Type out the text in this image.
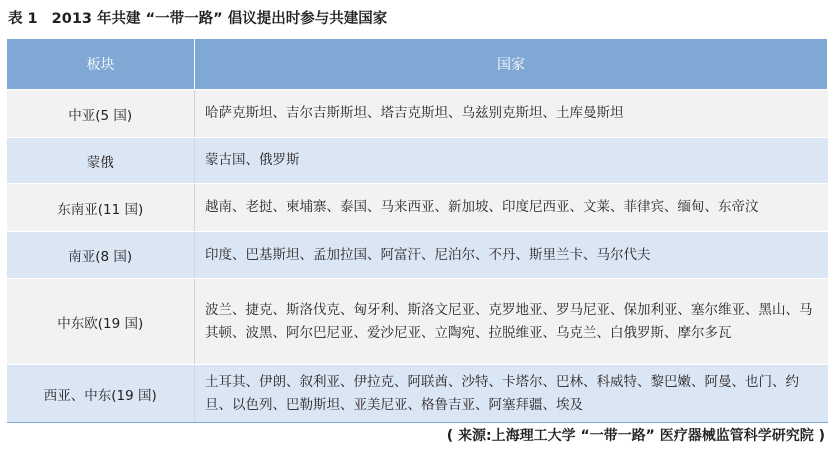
表 1 2013 年共建 “一带一路” 倡议提出时参与共建国家
板块	国家
中亚(5 国)	哈萨克斯坦、吉尔吉斯斯坦、塔吉克斯坦、乌兹别克斯坦、土库曼斯坦
蒙俄	蒙古国、俄罗斯
东南亚(11 国)	越南、老挝、柬埔寨、泰国、马来西亚、新加坡、印度尼西亚、文莱、菲律宾、缅甸、东帝汶
南亚(8 国)	印度、巴基斯坦、孟加拉国、阿富汗、尼泊尔、不丹、斯里兰卡、马尔代夫
中东欧(19 国)	波兰、捷克、斯洛伐克、匈牙利、斯洛文尼亚、克罗地亚、罗马尼亚、保加利亚、塞尔维亚、黑山、马其顿、波黑、阿尔巴尼亚、爱沙尼亚、立陶宛、拉脱维亚、乌克兰、白俄罗斯、摩尔多瓦
西亚、中东(19 国)	土耳其、伊朗、叙利亚、伊拉克、阿联酋、沙特、卡塔尔、巴林、科威特、黎巴嫩、阿曼、也门、约旦、以色列、巴勒斯坦、亚美尼亚、格鲁吉亚、阿塞拜疆、埃及
( 来源:上海理工大学 “一带一路” 医疗器械监管科学研究院 )
